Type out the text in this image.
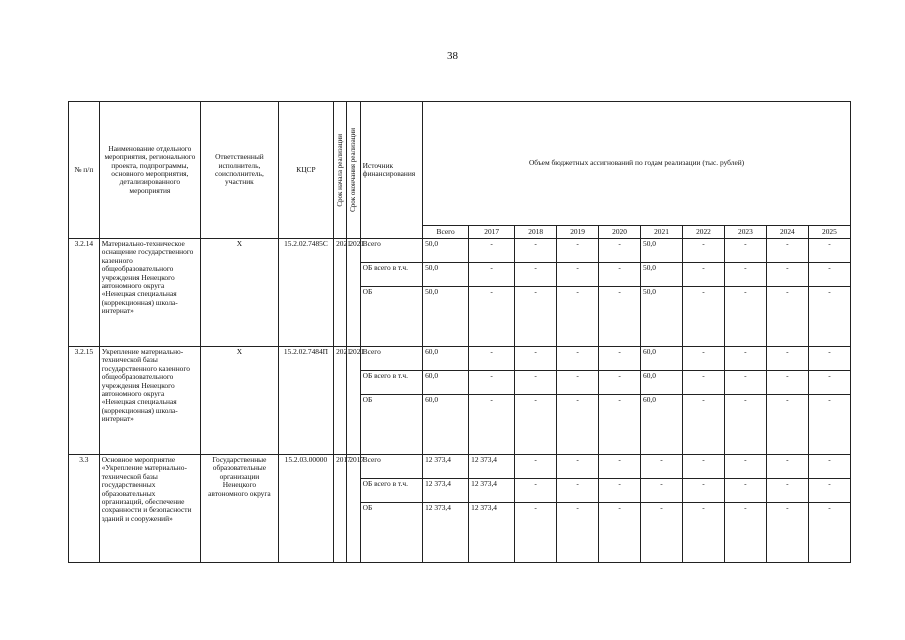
38
№ п/п	Наименование отдельного мероприятия, регионального проекта, подпрограммы, основного мероприятия, детализированного мероприятия	Ответственный исполнитель, соисполнитель, участник	КЦСР	Срок начала реализации	Срок окончания реализации	Источник финансирования	Объем бюджетных ассигнований по годам реализации (тыс. рублей)									
							Всего	2017	2018	2019	2020	2021	2022	2023	2024	2025
3.2.14	Материально-техническое оснащение государственного казенного общеобразовательного учреждения Ненецкого автономного округа «Ненецкая специальная (коррекционная) школа-интернат»	Х	15.2.02.7485С	2021	2021	Всего	50,0	-	-	-	-	50,0	-	-	-	-
						ОБ всего в т.ч.	50,0	-	-	-	-	50,0	-	-	-	-
						ОБ	50,0	-	-	-	-	50,0	-	-	-	-
3.2.15	Укрепление материально-технической базы государственного казенного общеобразовательного учреждения Ненецкого автономного округа «Ненецкая специальная (коррекционная) школа-интернат»	Х	15.2.02.7484П	2021	2021	Всего	60,0	-	-	-	-	60,0	-	-	-	-
						ОБ всего в т.ч.	60,0	-	-	-	-	60,0	-	-	-	-
						ОБ	60,0	-	-	-	-	60,0	-	-	-	-
3.3	Основное мероприятие «Укрепление материально-технической базы государственных образовательных организаций, обеспечение сохранности и безопасности зданий и сооружений»	Государственные образовательные организации Ненецкого автономного округа	15.2.03.00000	2017	2017	Всего	12 373,4	12 373,4	-	-	-	-	-	-	-	-
						ОБ всего в т.ч.	12 373,4	12 373,4	-	-	-	-	-	-	-	-
						ОБ	12 373,4	12 373,4	-	-	-	-	-	-	-	-
